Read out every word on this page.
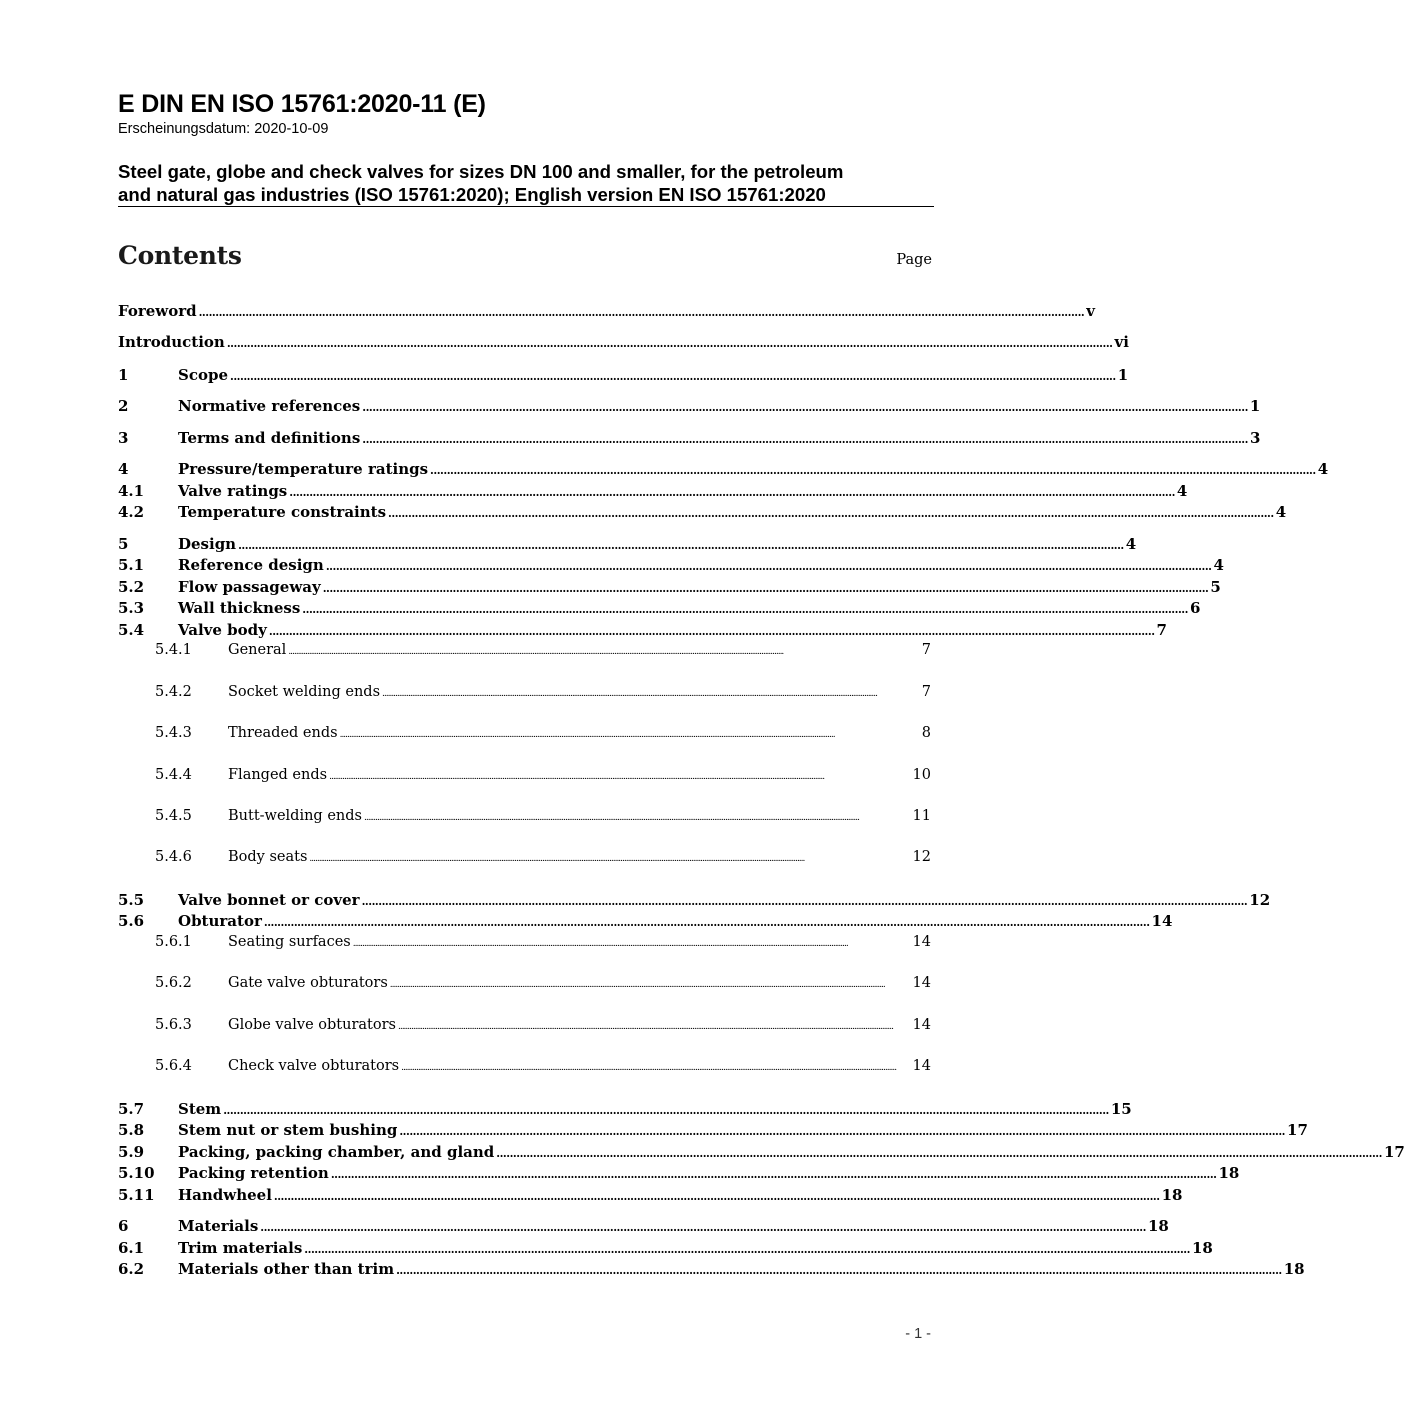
E DIN EN ISO 15761:2020-11 (E)
Erscheinungsdatum: 2020-10-09
Steel gate, globe and check valves for sizes DN 100 and smaller, for the petroleum
and natural gas industries (ISO 15761:2020); English version EN ISO 15761:2020
Contents	Page
Foreword .......................................................................................................................................................................................................................................................................... v
Introduction .......................................................................................................................................................................................................................................................................... vi
1	Scope .......................................................................................................................................................................................................................................................................... 1
2	Normative references .......................................................................................................................................................................................................................................................................... 1
3	Terms and definitions .......................................................................................................................................................................................................................................................................... 3
4	Pressure/temperature ratings .......................................................................................................................................................................................................................................................................... 4
4.1	Valve ratings .......................................................................................................................................................................................................................................................................... 4
4.2	Temperature constraints .......................................................................................................................................................................................................................................................................... 4
5	Design .......................................................................................................................................................................................................................................................................... 4
5.1	Reference design .......................................................................................................................................................................................................................................................................... 4
5.2	Flow passageway .......................................................................................................................................................................................................................................................................... 5
5.3	Wall thickness .......................................................................................................................................................................................................................................................................... 6
5.4	Valve body .......................................................................................................................................................................................................................................................................... 7
5.4.1	General ..........................................................................................................................................................................................................................................................................	7
5.4.2	Socket welding ends ..........................................................................................................................................................................................................................................................................	7
5.4.3	Threaded ends ..........................................................................................................................................................................................................................................................................	8
5.4.4	Flanged ends ..........................................................................................................................................................................................................................................................................	10
5.4.5	Butt-welding ends ..........................................................................................................................................................................................................................................................................	11
5.4.6	Body seats ..........................................................................................................................................................................................................................................................................	12
5.5	Valve bonnet or cover .......................................................................................................................................................................................................................................................................... 12
5.6	Obturator .......................................................................................................................................................................................................................................................................... 14
5.6.1	Seating surfaces ..........................................................................................................................................................................................................................................................................	14
5.6.2	Gate valve obturators ..........................................................................................................................................................................................................................................................................	14
5.6.3	Globe valve obturators ..........................................................................................................................................................................................................................................................................	14
5.6.4	Check valve obturators ..........................................................................................................................................................................................................................................................................	14
5.7	Stem .......................................................................................................................................................................................................................................................................... 15
5.8	Stem nut or stem bushing .......................................................................................................................................................................................................................................................................... 17
5.9	Packing, packing chamber, and gland .......................................................................................................................................................................................................................................................................... 17
5.10	Packing retention .......................................................................................................................................................................................................................................................................... 18
5.11	Handwheel .......................................................................................................................................................................................................................................................................... 18
6	Materials .......................................................................................................................................................................................................................................................................... 18
6.1	Trim materials .......................................................................................................................................................................................................................................................................... 18
6.2	Materials other than trim .......................................................................................................................................................................................................................................................................... 18
- 1 -
